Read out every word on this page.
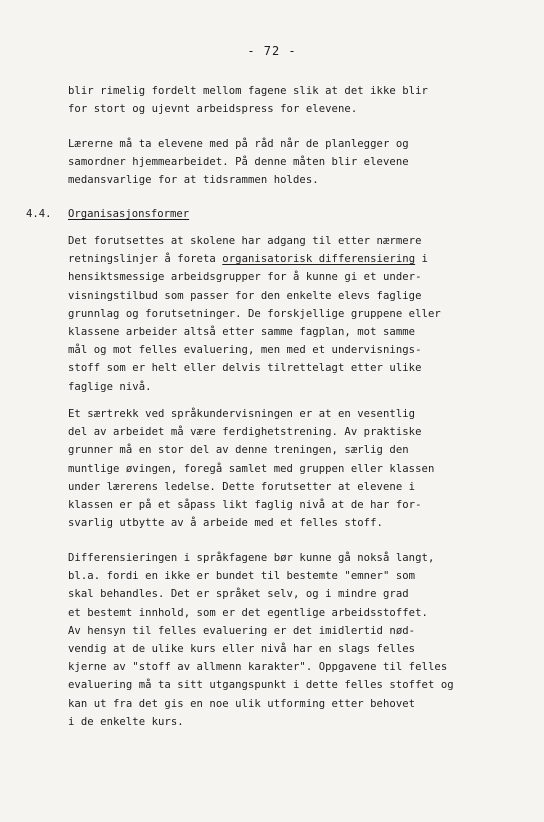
- 72 -
blir rimelig fordelt mellom fagene slik at det ikke blir
for stort og ujevnt arbeidspress for elevene.
Lærerne må ta elevene med på råd når de planlegger og
samordner hjemmearbeidet. På denne måten blir elevene
medansvarlige for at tidsrammen holdes.
4.4. Organisasjonsformer
Det forutsettes at skolene har adgang til etter nærmere
retningslinjer å foreta organisatorisk differensiering i
hensiktsmessige arbeidsgrupper for å kunne gi et under-
visningstilbud som passer for den enkelte elevs faglige
grunnlag og forutsetninger. De forskjellige gruppene eller
klassene arbeider altså etter samme fagplan, mot samme
mål og mot felles evaluering, men med et undervisnings-
stoff som er helt eller delvis tilrettelagt etter ulike
faglige nivå.
Et særtrekk ved språkundervisningen er at en vesentlig
del av arbeidet må være ferdighetstrening. Av praktiske
grunner må en stor del av denne treningen, særlig den
muntlige øvingen, foregå samlet med gruppen eller klassen
under lærerens ledelse. Dette forutsetter at elevene i
klassen er på et såpass likt faglig nivå at de har for-
svarlig utbytte av å arbeide med et felles stoff.
Differensieringen i språkfagene bør kunne gå nokså langt,
bl.a. fordi en ikke er bundet til bestemte "emner" som
skal behandles. Det er språket selv, og i mindre grad
et bestemt innhold, som er det egentlige arbeidsstoffet.
Av hensyn til felles evaluering er det imidlertid nød-
vendig at de ulike kurs eller nivå har en slags felles
kjerne av "stoff av allmenn karakter". Oppgavene til felles
evaluering må ta sitt utgangspunkt i dette felles stoffet og
kan ut fra det gis en noe ulik utforming etter behovet
i de enkelte kurs.
